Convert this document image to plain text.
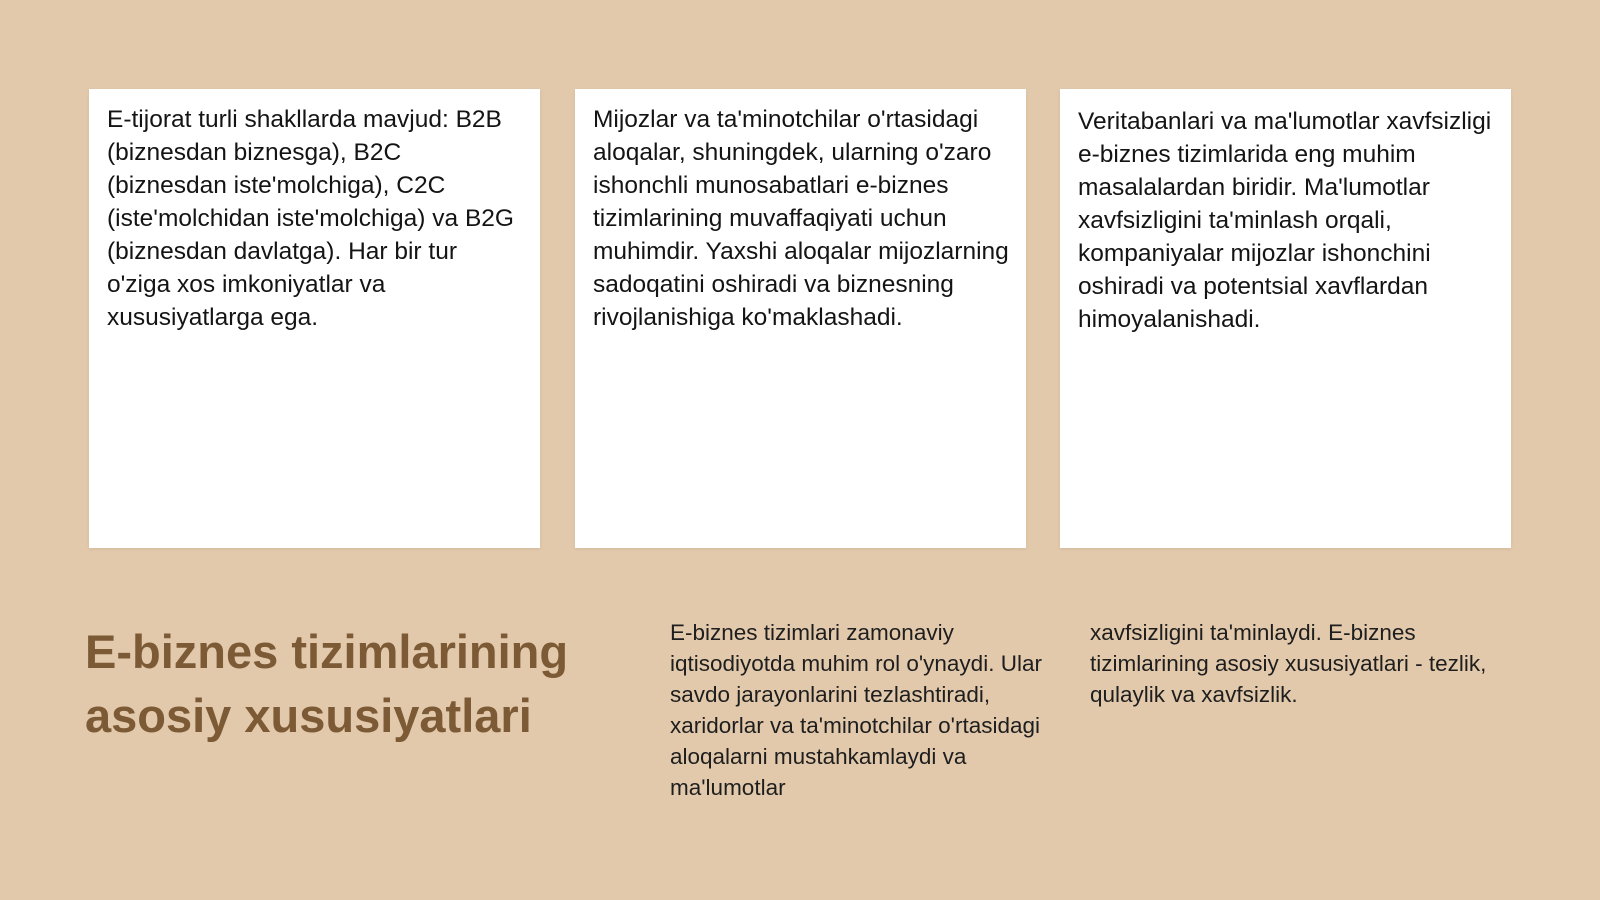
E-tijorat turli shakllarda mavjud: B2B (biznesdan biznesga), B2C (biznesdan iste'molchiga), C2C (iste'molchidan iste'molchiga) va B2G (biznesdan davlatga). Har bir tur o'ziga xos imkoniyatlar va xususiyatlarga ega.

Mijozlar va ta'minotchilar o'rtasidagi aloqalar, shuningdek, ularning o'zaro ishonchli munosabatlari e-biznes tizimlarining muvaffaqiyati uchun muhimdir. Yaxshi aloqalar mijozlarning sadoqatini oshiradi va biznesning rivojlanishiga ko'maklashadi.

Veritabanlari va ma'lumotlar xavfsizligi e-biznes tizimlarida eng muhim masalalardan biridir. Ma'lumotlar xavfsizligini ta'minlash orqali, kompaniyalar mijozlar ishonchini oshiradi va potentsial xavflardan himoyalanishadi.

E-biznes tizimlarining asosiy xususiyatlari

E-biznes tizimlari zamonaviy iqtisodiyotda muhim rol o'ynaydi. Ular savdo jarayonlarini tezlashtiradi, xaridorlar va ta'minotchilar o'rtasidagi aloqalarni mustahkamlaydi va ma'lumotlar

xavfsizligini ta'minlaydi. E-biznes tizimlarining asosiy xususiyatlari - tezlik, qulaylik va xavfsizlik.
